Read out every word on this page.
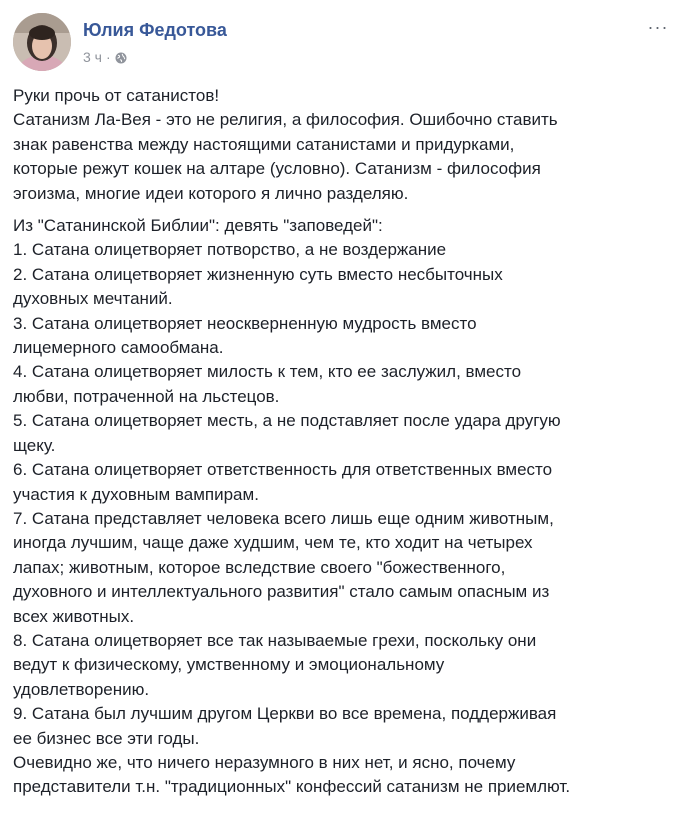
Юлия Федотова
3 ч ·
···

Руки прочь от сатанистов!
Сатанизм Ла-Вея - это не религия, а философия. Ошибочно ставить
знак равенства между настоящими сатанистами и придурками,
которые режут кошек на алтаре (условно). Сатанизм - философия
эгоизма, многие идеи которого я лично разделяю.

Из "Сатанинской Библии": девять "заповедей":
1. Сатана олицетворяет потворство, а не воздержание
2. Сатана олицетворяет жизненную суть вместо несбыточных
духовных мечтаний.
3. Сатана олицетворяет неоскверненную мудрость вместо
лицемерного самообмана.
4. Сатана олицетворяет милость к тем, кто ее заслужил, вместо
любви, потраченной на льстецов.
5. Сатана олицетворяет месть, а не подставляет после удара другую
щеку.
6. Сатана олицетворяет ответственность для ответственных вместо
участия к духовным вампирам.
7. Сатана представляет человека всего лишь еще одним животным,
иногда лучшим, чаще даже худшим, чем те, кто ходит на четырех
лапах; животным, которое вследствие своего "божественного,
духовного и интеллектуального развития" стало самым опасным из
всех животных.
8. Сатана олицетворяет все так называемые грехи, поскольку они
ведут к физическому, умственному и эмоциональному
удовлетворению.
9. Сатана был лучшим другом Церкви во все времена, поддерживая
ее бизнес все эти годы.
Очевидно же, что ничего неразумного в них нет, и ясно, почему
представители т.н. "традиционных" конфессий сатанизм не приемлют.
